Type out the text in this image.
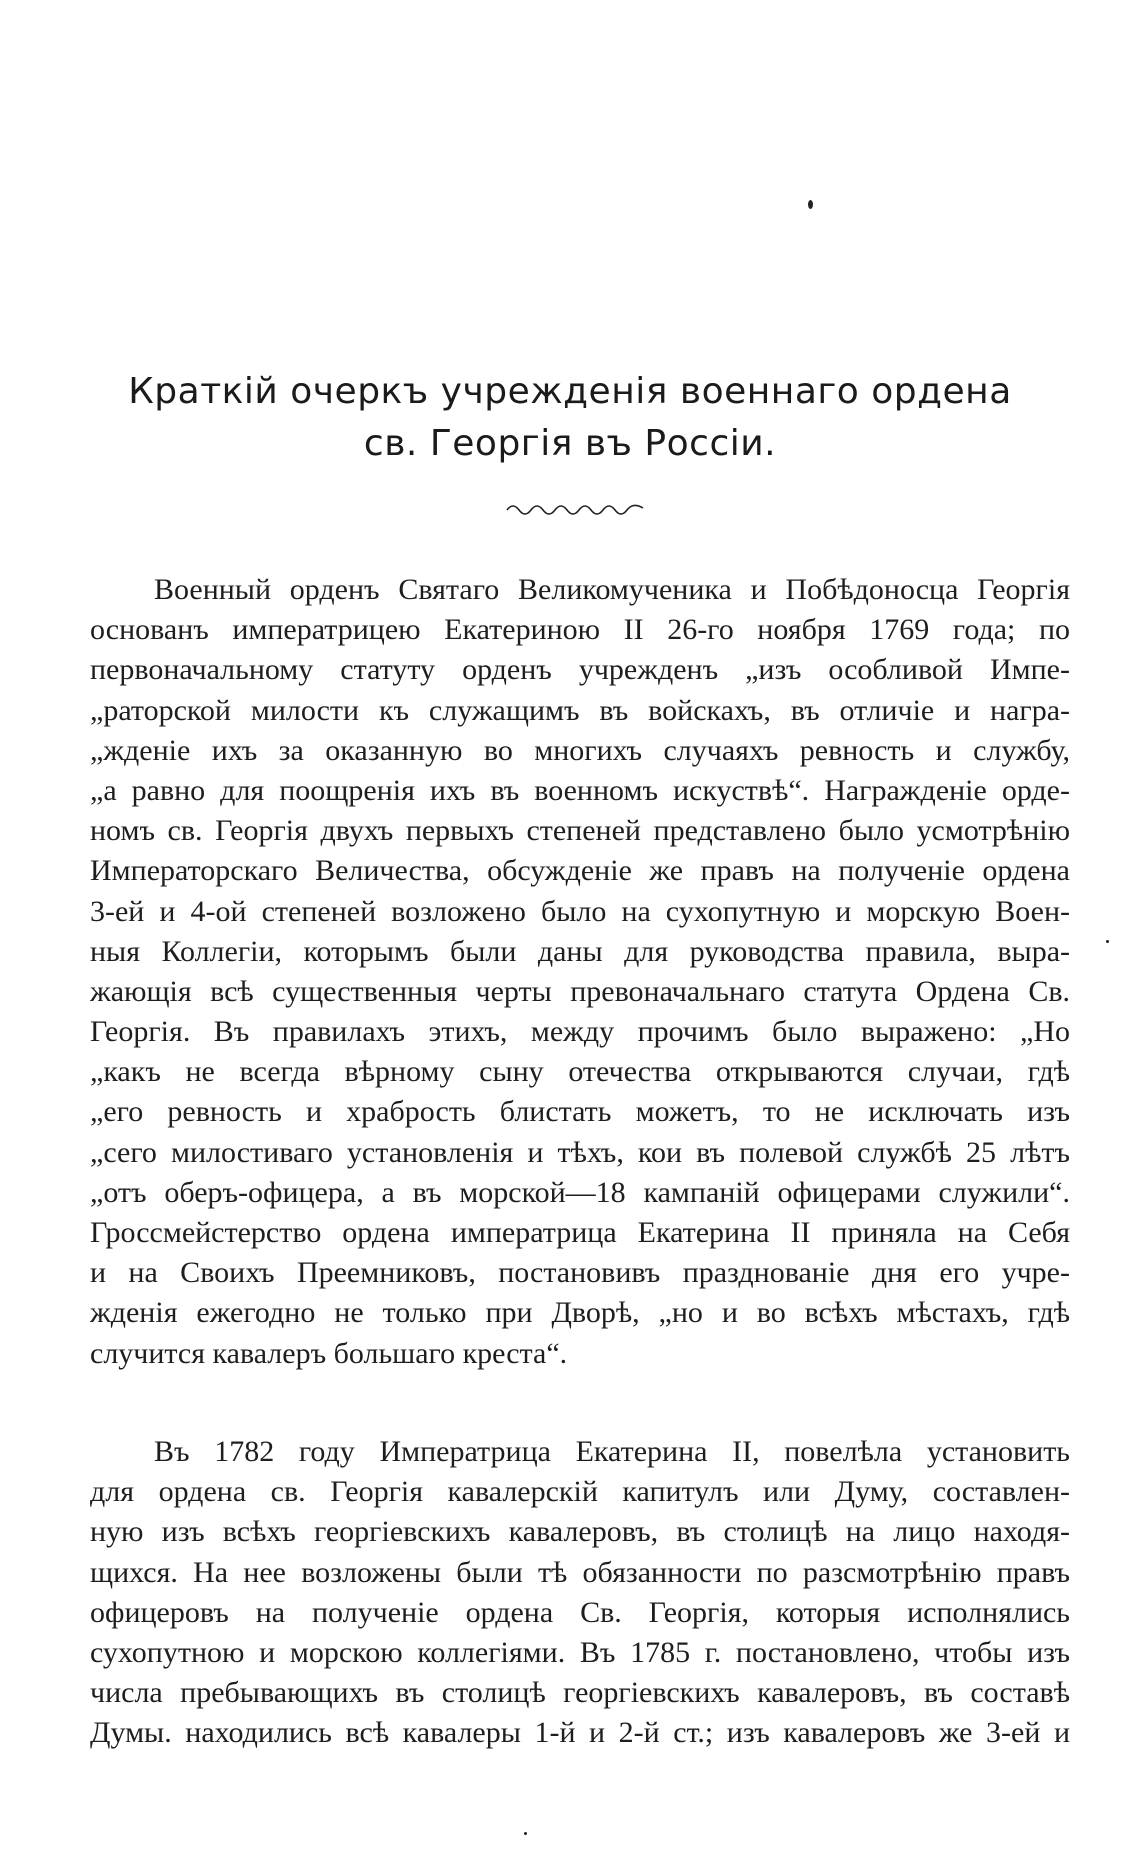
Краткій очеркъ учрежденія военнаго ордена
св. Георгія въ Россіи.
Военный орденъ Святаго Великомученика и Побѣдоносца Георгія
основанъ императрицею Екатериною II 26-го ноября 1769 года; по
первоначальному статуту орденъ учрежденъ „изъ особливой Импе-
„раторской милости къ служащимъ въ войскахъ, въ отличіе и награ-
„жденіе ихъ за оказанную во многихъ случаяхъ ревность и службу,
„а равно для поощренія ихъ въ военномъ искуствѣ“. Награжденіе орде-
номъ св. Георгія двухъ первыхъ степеней представлено было усмотрѣнію
Императорскаго Величества, обсужденіе же правъ на полученіе ордена
3-ей и 4-ой степеней возложено было на сухопутную и морскую Воен-
ныя Коллегіи, которымъ были даны для руководства правила, выра-
жающія всѣ существенныя черты превоначальнаго статута Ордена Св.
Георгія. Въ правилахъ этихъ, между прочимъ было выражено: „Но
„какъ не всегда вѣрному сыну отечества открываются случаи, гдѣ
„его ревность и храбрость блистать можетъ, то не исключать изъ
„сего милостиваго установленія и тѣхъ, кои въ полевой службѣ 25 лѣтъ
„отъ оберъ-офицера, а въ морской—18 кампаній офицерами служили“.
Гроссмейстерство ордена императрица Екатерина II приняла на Себя
и на Своихъ Преемниковъ, постановивъ празднованіе дня его учре-
жденія ежегодно не только при Дворѣ, „но и во всѣхъ мѣстахъ, гдѣ
случится кавалеръ большаго креста“.
Въ 1782 году Императрица Екатерина II, повелѣла установить
для ордена св. Георгія кавалерскій капитулъ или Думу, составлен-
ную изъ всѣхъ георгіевскихъ кавалеровъ, въ столицѣ на лицо находя-
щихся. На нее возложены были тѣ обязанности по разсмотрѣнію правъ
офицеровъ на полученіе ордена Св. Георгія, которыя исполнялись
сухопутною и морскою коллегіями. Въ 1785 г. постановлено, чтобы изъ
числа пребывающихъ въ столицѣ георгіевскихъ кавалеровъ, въ составѣ
Думы. находились всѣ кавалеры 1-й и 2-й ст.; изъ кавалеровъ же 3-ей и
